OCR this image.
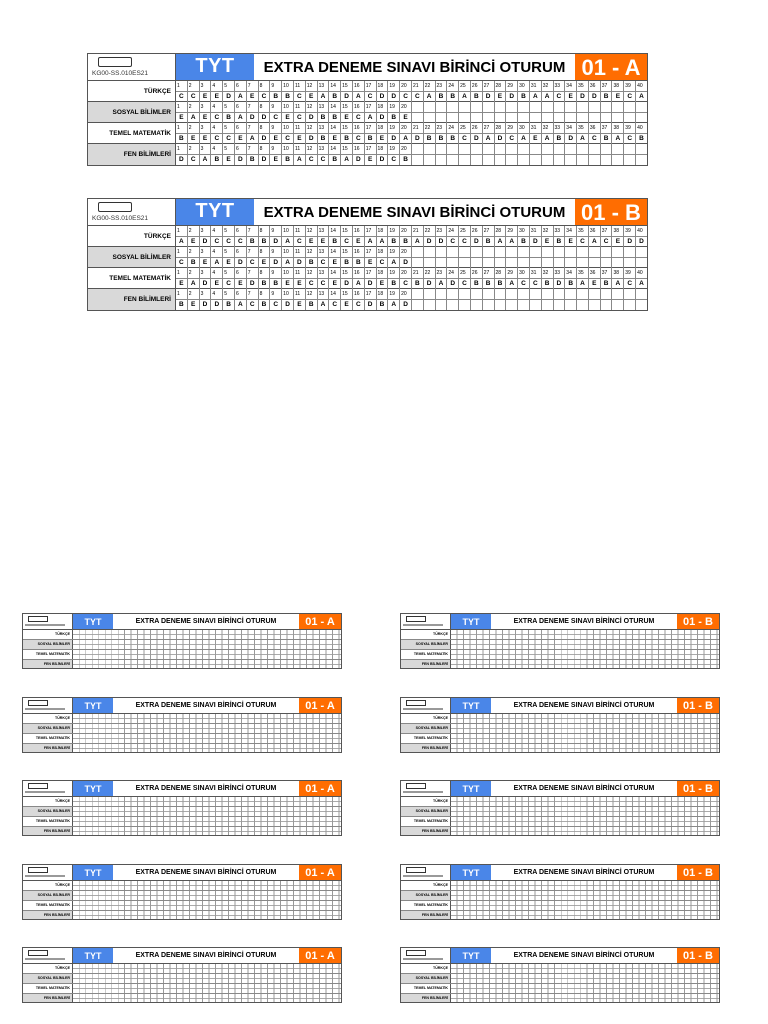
KG00-SS.010ES21	TYT	EXTRA DENEME SINAVI BİRİNCİ OTURUM 01 - A
TÜRKÇE
1	2	3	4	5	6	7	8	9	10	11	12	13	14	15	16	17	18	19	20	21	22	23	24	25	26	27	28	29	30	31	32	33	34	35	36	37	38	39	40
C	C	E	E	D	A	E	C	B	B	C	E	A	B	D	A	C	D	D	C	C	A	B	B	A	B	D	E	D	B	A	A	C	E	D	D	B	E	C	A
SOSYAL BİLİMLER
1	2	3	4	5	6	7	8	9	10	11	12	13	14	15	16	17	18	19	20
E	A	E	C	B	A	D	D	C	E	C	D	B	B	E	C	A	D	B	E
TEMEL MATEMATİK
1	2	3	4	5	6	7	8	9	10	11	12	13	14	15	16	17	18	19	20	21	22	23	24	25	26	27	28	29	30	31	32	33	34	35	36	37	38	39	40
B	E	E	C	C	E	A	D	E	C	E	D	B	E	B	C	B	E	D	A	D	B	B	B	C	D	A	D	C	A	E	A	B	D	A	C	B	A	C	B
FEN BİLİMLERİ
1	2	3	4	5	6	7	8	9	10	11	12	13	14	15	16	17	18	19	20
D	C	A	B	E	D	B	D	E	B	A	C	C	B	A	D	E	D	C	B
KG00-SS.010ES21	TYT	EXTRA DENEME SINAVI BİRİNCİ OTURUM 01 - B
TÜRKÇE
1	2	3	4	5	6	7	8	9	10	11	12	13	14	15	16	17	18	19	20	21	22	23	24	25	26	27	28	29	30	31	32	33	34	35	36	37	38	39	40
A	E	D	C	C	C	B	B	D	A	C	E	E	B	C	E	A	A	B	B	A	D	D	C	C	D	B	A	A	B	D	E	B	E	C	A	C	E	D	D
SOSYAL BİLİMLER
1	2	3	4	5	6	7	8	9	10	11	12	13	14	15	16	17	18	19	20
C	B	E	A	E	D	C	E	D	A	D	B	C	E	B	B	E	C	A	D
TEMEL MATEMATİK
1	2	3	4	5	6	7	8	9	10	11	12	13	14	15	16	17	18	19	20	21	22	23	24	25	26	27	28	29	30	31	32	33	34	35	36	37	38	39	40
E	A	D	E	C	E	D	B	B	E	E	C	C	E	D	A	D	E	B	C	B	D	A	D	C	B	B	B	A	C	C	B	D	B	A	E	B	A	C	A
FEN BİLİMLERİ
1	2	3	4	5	6	7	8	9	10	11	12	13	14	15	16	17	18	19	20
B	E	D	D	B	A	C	B	C	D	E	B	A	C	E	C	D	B	A	D
TYT	EXTRA DENEME SINAVI BİRİNCİ OTURUM	01 - A
TÜRKÇE
SOSYAL BİLİMLER
TEMEL MATEMATİK
FEN BİLİMLERİ
TYT	EXTRA DENEME SINAVI BİRİNCİ OTURUM	01 - A
TÜRKÇE
SOSYAL BİLİMLER
TEMEL MATEMATİK
FEN BİLİMLERİ
TYT	EXTRA DENEME SINAVI BİRİNCİ OTURUM	01 - A
TÜRKÇE
SOSYAL BİLİMLER
TEMEL MATEMATİK
FEN BİLİMLERİ
TYT	EXTRA DENEME SINAVI BİRİNCİ OTURUM	01 - A
TÜRKÇE
SOSYAL BİLİMLER
TEMEL MATEMATİK
FEN BİLİMLERİ
TYT	EXTRA DENEME SINAVI BİRİNCİ OTURUM	01 - A
TÜRKÇE
SOSYAL BİLİMLER
TEMEL MATEMATİK
FEN BİLİMLERİ
TYT	EXTRA DENEME SINAVI BİRİNCİ OTURUM	01 - B
TÜRKÇE
SOSYAL BİLİMLER
TEMEL MATEMATİK
FEN BİLİMLERİ
TYT	EXTRA DENEME SINAVI BİRİNCİ OTURUM	01 - B
TÜRKÇE
SOSYAL BİLİMLER
TEMEL MATEMATİK
FEN BİLİMLERİ
TYT	EXTRA DENEME SINAVI BİRİNCİ OTURUM	01 - B
TÜRKÇE
SOSYAL BİLİMLER
TEMEL MATEMATİK
FEN BİLİMLERİ
TYT	EXTRA DENEME SINAVI BİRİNCİ OTURUM	01 - B
TÜRKÇE
SOSYAL BİLİMLER
TEMEL MATEMATİK
FEN BİLİMLERİ
TYT	EXTRA DENEME SINAVI BİRİNCİ OTURUM	01 - B
TÜRKÇE
SOSYAL BİLİMLER
TEMEL MATEMATİK
FEN BİLİMLERİ
